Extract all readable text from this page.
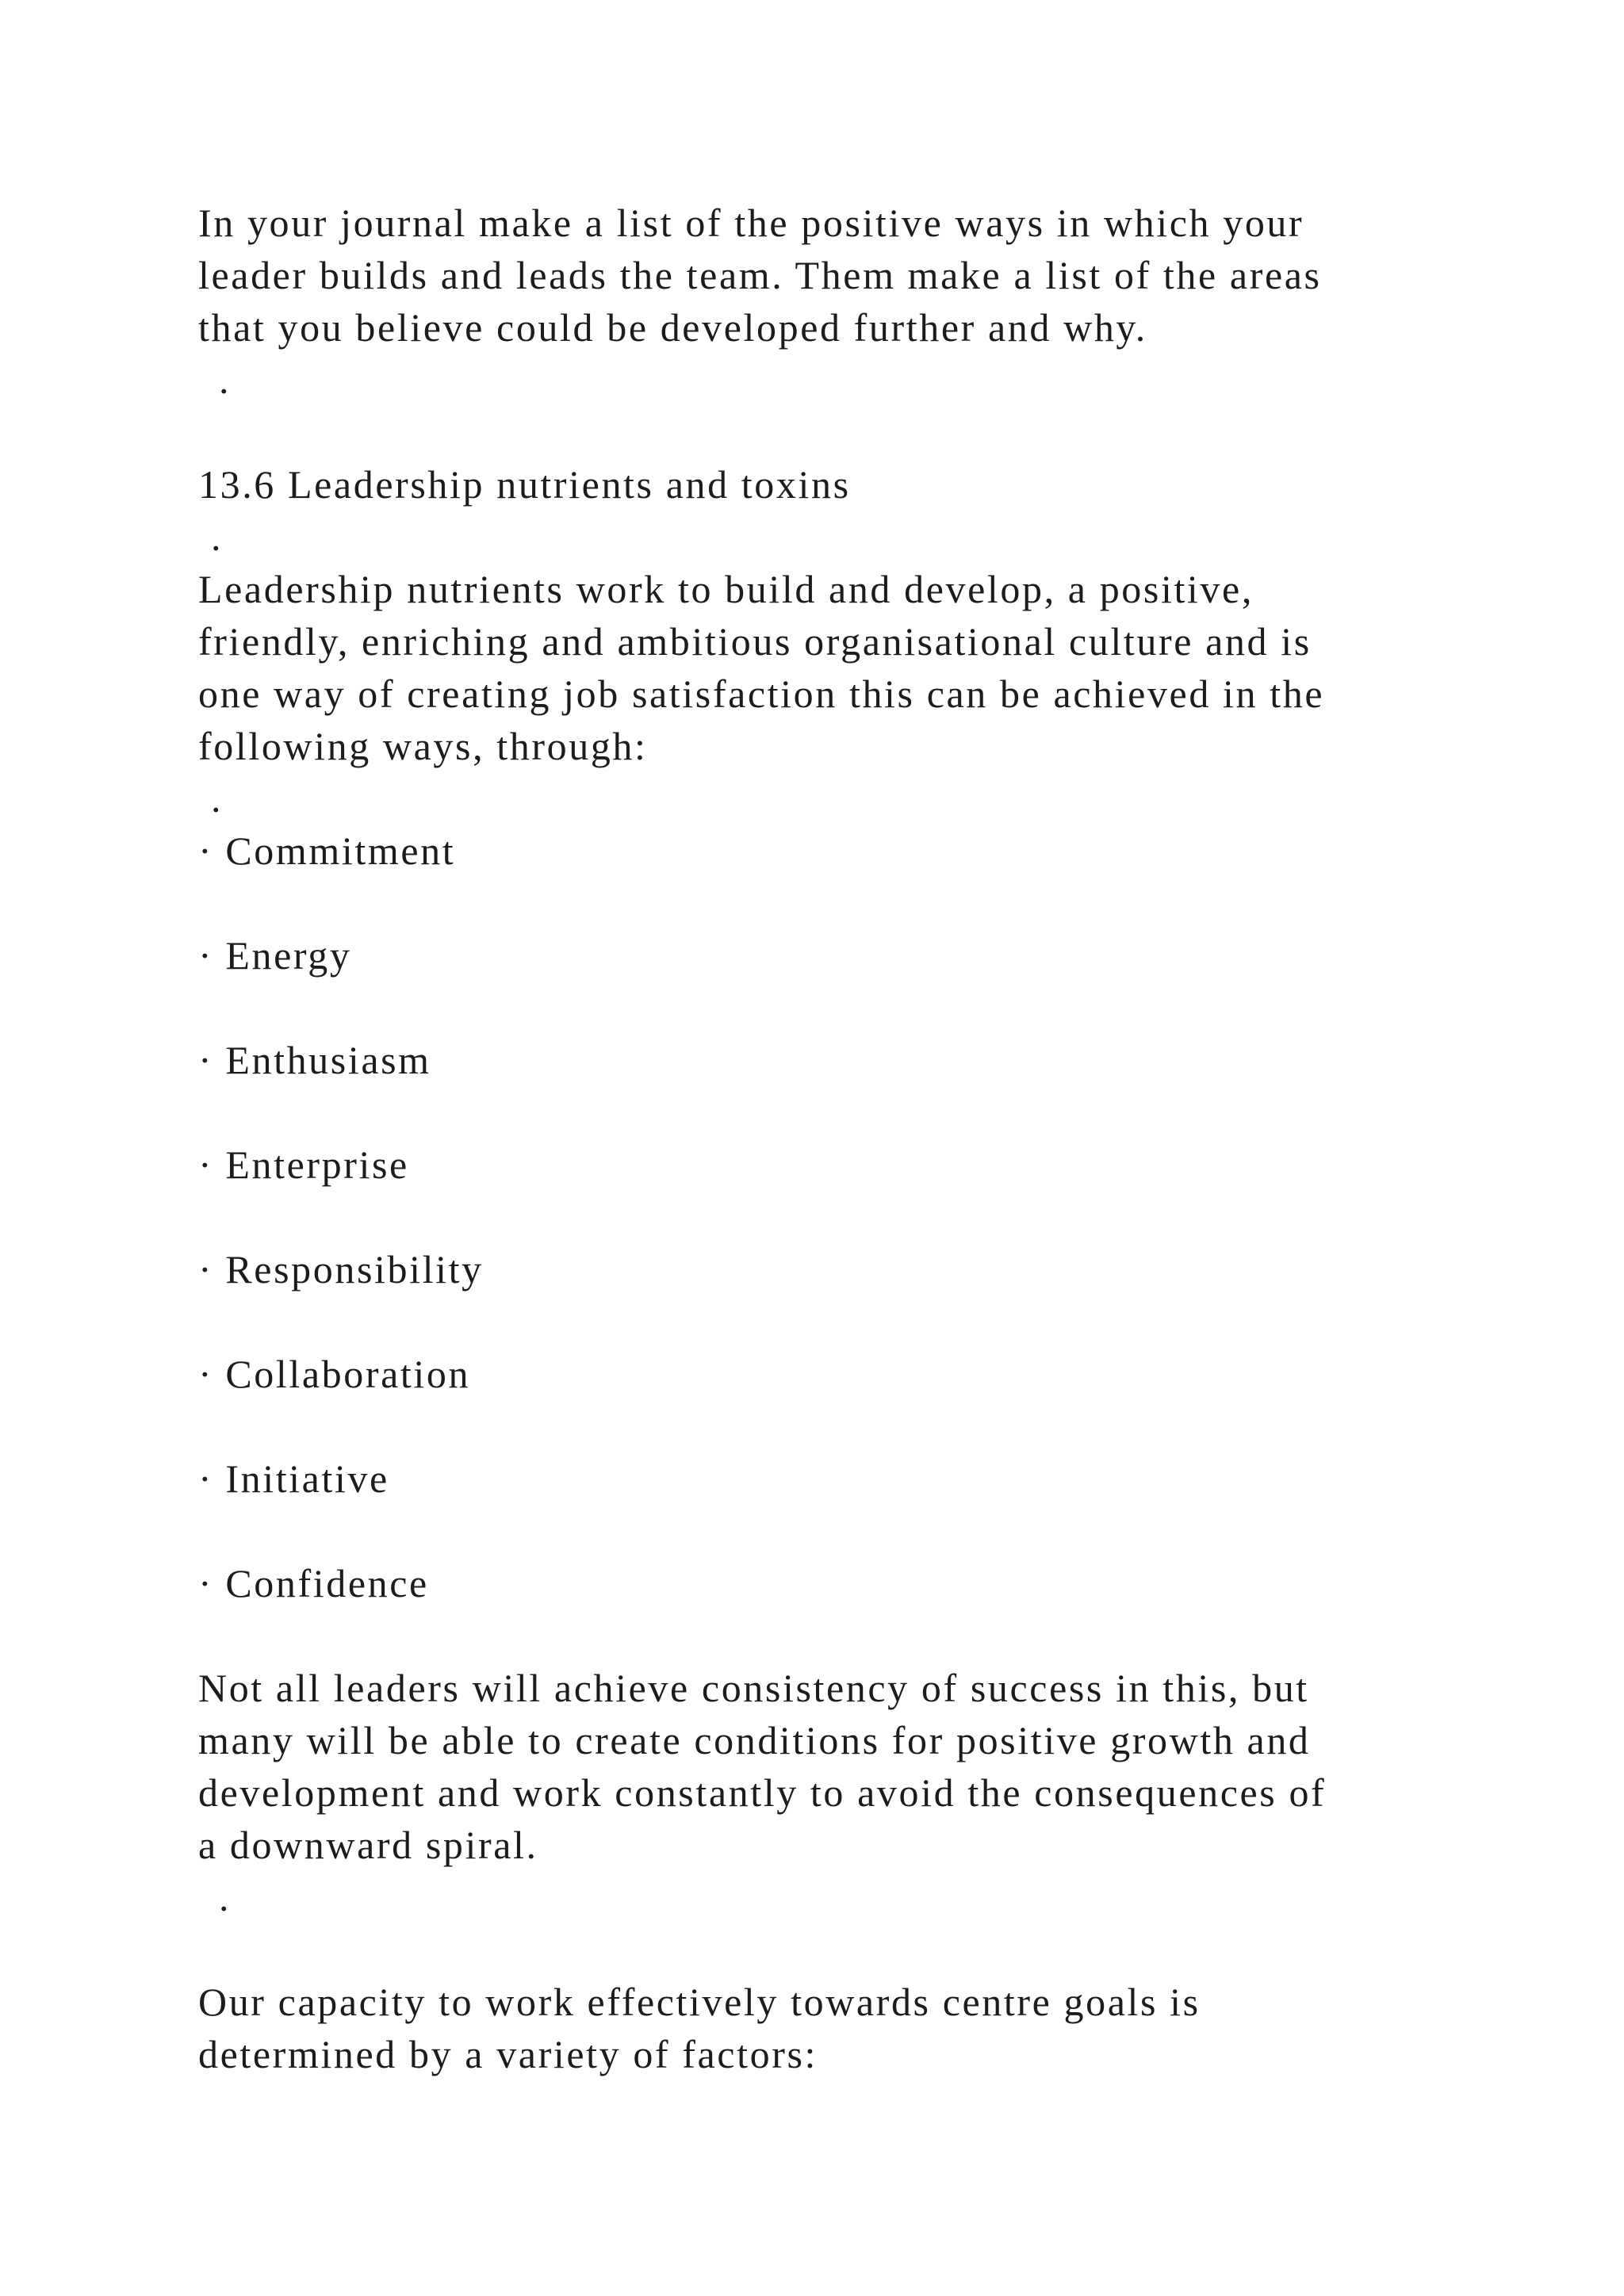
In your journal make a list of the positive ways in which your
leader builds and leads the team. Them make a list of the areas
that you believe could be developed further and why.

.

13.6 Leadership nutrients and toxins

.

Leadership nutrients work to build and develop, a positive,
friendly, enriching and ambitious organisational culture and is
one way of creating job satisfaction this can be achieved in the
following ways, through:

.
· Commitment
· Energy
· Enthusiasm
· Enterprise
· Responsibility
· Collaboration
· Initiative
· Confidence

Not all leaders will achieve consistency of success in this, but
many will be able to create conditions for positive growth and
development and work constantly to avoid the consequences of
a downward spiral.

.

Our capacity to work effectively towards centre goals is
determined by a variety of factors:
